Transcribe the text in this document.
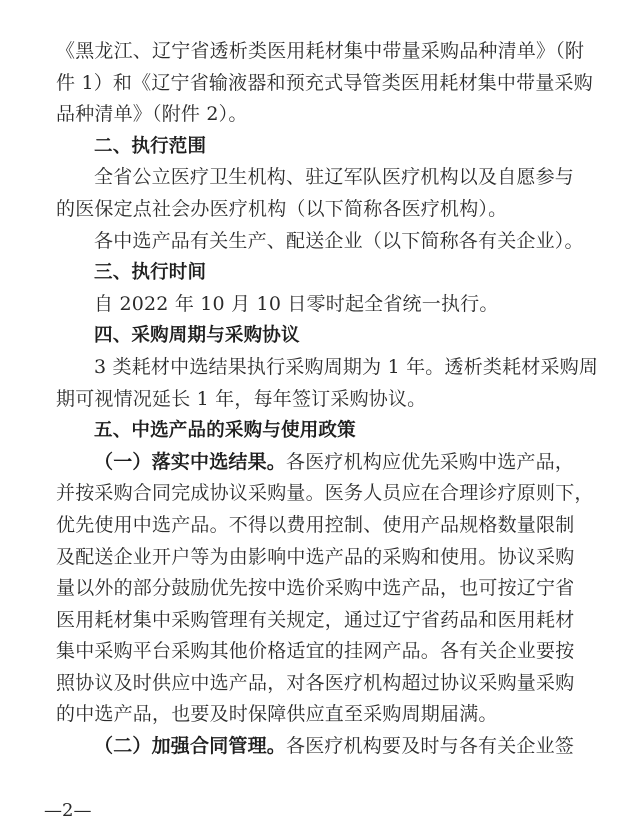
《黑龙江、辽宁省透析类医用耗材集中带量采购品种清单》（附
件 1）和《辽宁省输液器和预充式导管类医用耗材集中带量采购
品种清单》（附件 2）。
二、执行范围
全省公立医疗卫生机构、驻辽军队医疗机构以及自愿参与
的医保定点社会办医疗机构（以下简称各医疗机构）。
各中选产品有关生产、配送企业（以下简称各有关企业）。
三、执行时间
自 2022 年 10 月 10 日零时起全省统一执行。
四、采购周期与采购协议
3 类耗材中选结果执行采购周期为 1 年。透析类耗材采购周
期可视情况延长 1 年，每年签订采购协议。
五、中选产品的采购与使用政策
（一）落实中选结果。各医疗机构应优先采购中选产品，
并按采购合同完成协议采购量。医务人员应在合理诊疗原则下，
优先使用中选产品。不得以费用控制、使用产品规格数量限制
及配送企业开户等为由影响中选产品的采购和使用。协议采购
量以外的部分鼓励优先按中选价采购中选产品，也可按辽宁省
医用耗材集中采购管理有关规定，通过辽宁省药品和医用耗材
集中采购平台采购其他价格适宜的挂网产品。各有关企业要按
照协议及时供应中选产品，对各医疗机构超过协议采购量采购
的中选产品，也要及时保障供应直至采购周期届满。
（二）加强合同管理。各医疗机构要及时与各有关企业签
—2—
